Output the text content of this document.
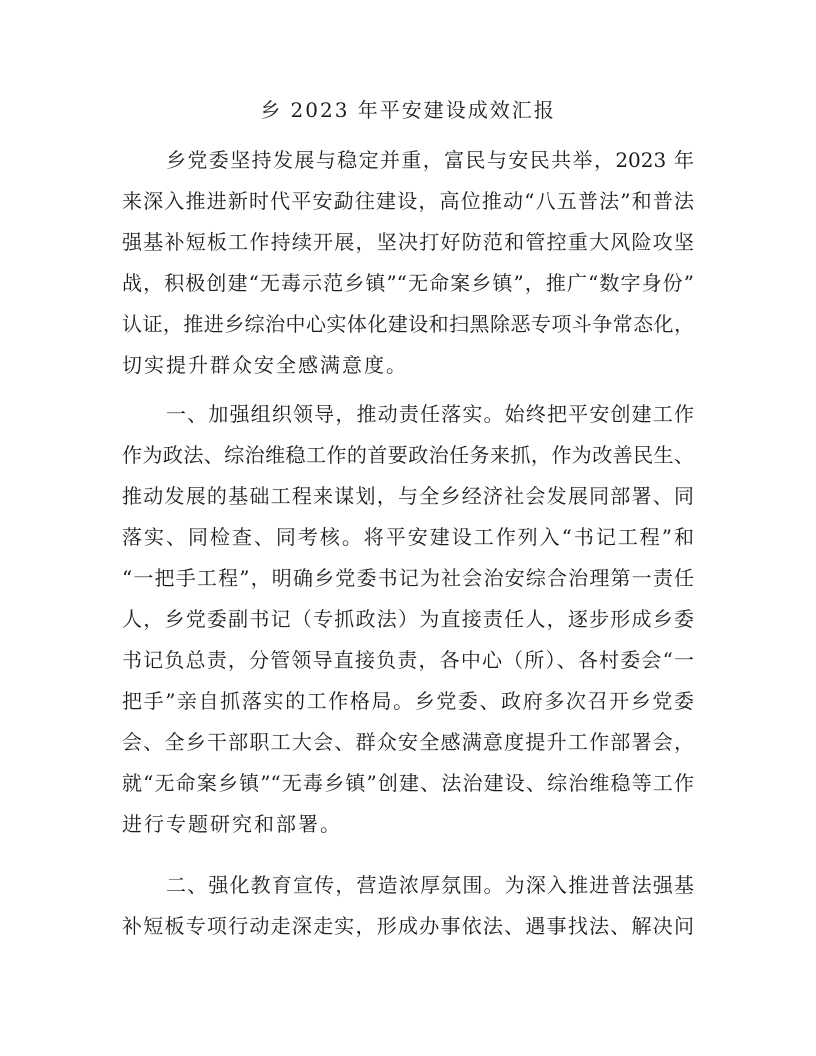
乡 2023 年平安建设成效汇报
乡党委坚持发展与稳定并重，富民与安民共举，2023 年
来深入推进新时代平安勐往建设，高位推动“八五普法”和普法
强基补短板工作持续开展，坚决打好防范和管控重大风险攻坚
战，积极创建“无毒示范乡镇”“无命案乡镇”，推广“数字身份”
认证，推进乡综治中心实体化建设和扫黑除恶专项斗争常态化，
切实提升群众安全感满意度。
一、加强组织领导，推动责任落实。始终把平安创建工作
作为政法、综治维稳工作的首要政治任务来抓，作为改善民生、
推动发展的基础工程来谋划，与全乡经济社会发展同部署、同
落实、同检查、同考核。将平安建设工作列入“书记工程”和
“一把手工程”，明确乡党委书记为社会治安综合治理第一责任
人，乡党委副书记（专抓政法）为直接责任人，逐步形成乡委
书记负总责，分管领导直接负责，各中心（所）、各村委会“一
把手”亲自抓落实的工作格局。乡党委、政府多次召开乡党委
会、全乡干部职工大会、群众安全感满意度提升工作部署会，
就“无命案乡镇”“无毒乡镇”创建、法治建设、综治维稳等工作
进行专题研究和部署。
二、强化教育宣传，营造浓厚氛围。为深入推进普法强基
补短板专项行动走深走实，形成办事依法、遇事找法、解决问
